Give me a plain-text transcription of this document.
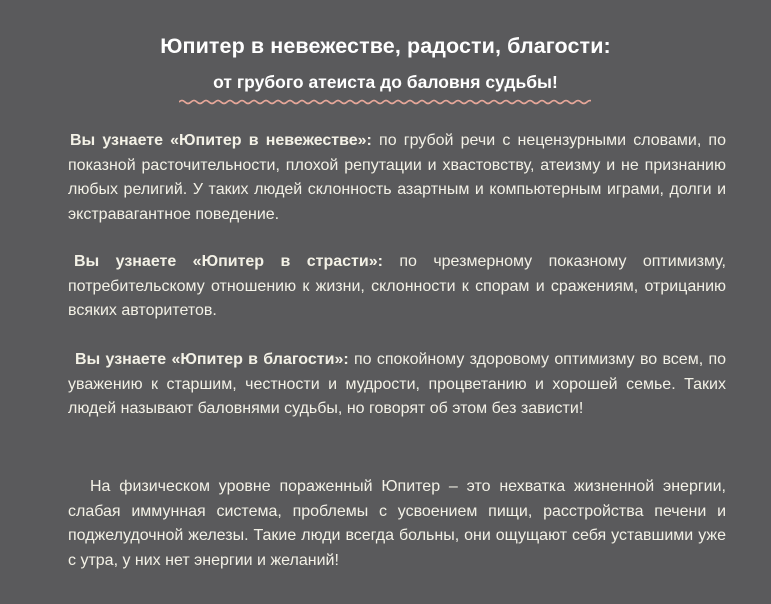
Юпитер в невежестве, радости, благости:
от грубого атеиста до баловня судьбы!

Вы узнаете «Юпитер в невежестве»: по грубой речи с нецензурными словами, по показной расточительности, плохой репутации и хвастовству, атеизму и не признанию любых религий. У таких людей склонность азартным и компьютерным играми, долги и экстравагантное поведение.

Вы узнаете «Юпитер в страсти»: по чрезмерному показному оптимизму, потребительскому отношению к жизни, склонности к спорам и сражениям, отрицанию всяких авторитетов.

Вы узнаете «Юпитер в благости»: по спокойному здоровому оптимизму во всем, по уважению к старшим, честности и мудрости, процветанию и хорошей семье. Таких людей называют баловнями судьбы, но говорят об этом без зависти!

На физическом уровне пораженный Юпитер – это нехватка жизненной энергии, слабая иммунная система, проблемы с усвоением пищи, расстройства печени и поджелудочной железы. Такие люди всегда больны, они ощущают себя уставшими уже с утра, у них нет энергии и желаний!
